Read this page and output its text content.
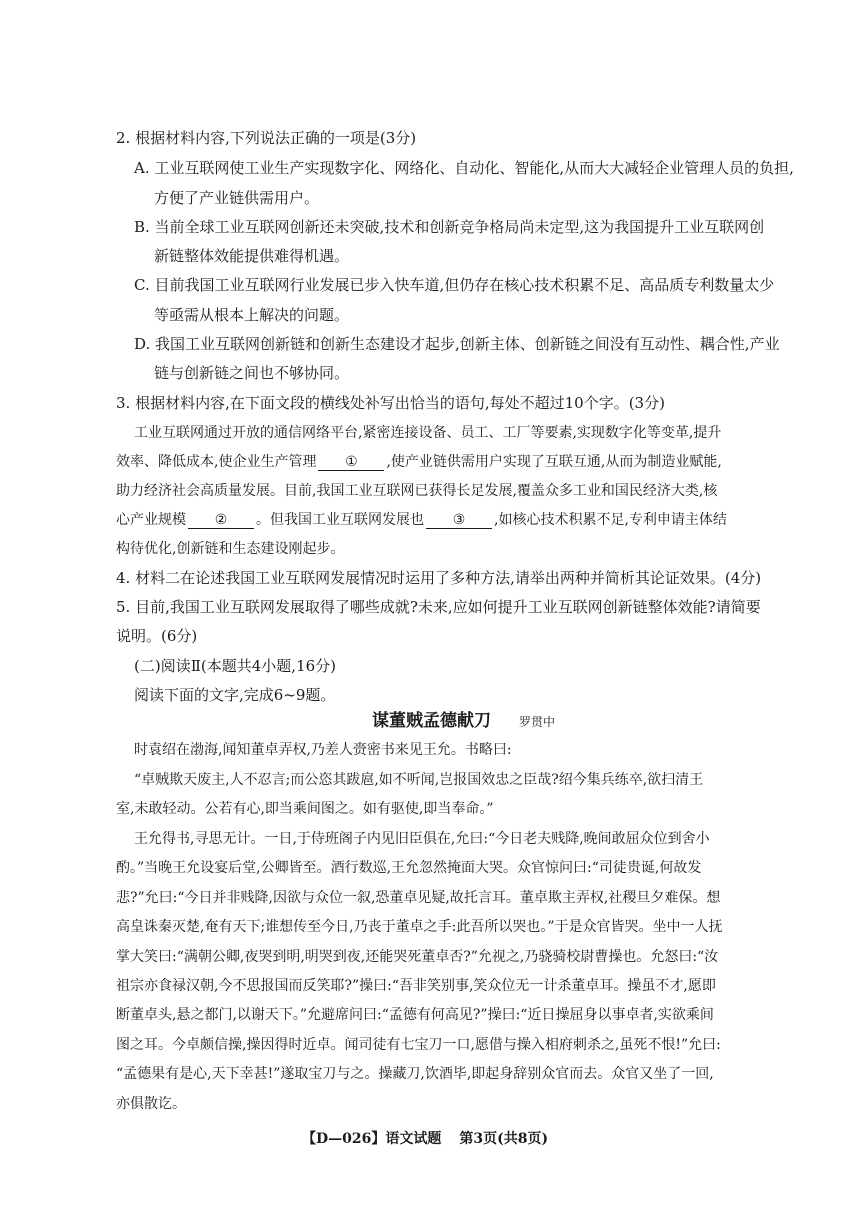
2. 根据材料内容,下列说法正确的一项是(3分)
A. 工业互联网使工业生产实现数字化、网络化、自动化、智能化,从而大大减轻企业管理人员的负担,
方便了产业链供需用户。
B. 当前全球工业互联网创新还未突破,技术和创新竞争格局尚未定型,这为我国提升工业互联网创
新链整体效能提供难得机遇。
C. 目前我国工业互联网行业发展已步入快车道,但仍存在核心技术积累不足、高品质专利数量太少
等亟需从根本上解决的问题。
D. 我国工业互联网创新链和创新生态建设才起步,创新主体、创新链之间没有互动性、耦合性,产业
链与创新链之间也不够协同。
3. 根据材料内容,在下面文段的横线处补写出恰当的语句,每处不超过10个字。(3分)
工业互联网通过开放的通信网络平台,紧密连接设备、员工、工厂等要素,实现数字化等变革,提升
效率、降低成本,使企业生产管理 ① ,使产业链供需用户实现了互联互通,从而为制造业赋能,
助力经济社会高质量发展。目前,我国工业互联网已获得长足发展,覆盖众多工业和国民经济大类,核
心产业规模 ② 。但我国工业互联网发展也 ③ ,如核心技术积累不足,专利申请主体结
构待优化,创新链和生态建设刚起步。
4. 材料二在论述我国工业互联网发展情况时运用了多种方法,请举出两种并简析其论证效果。(4分)
5. 目前,我国工业互联网发展取得了哪些成就?未来,应如何提升工业互联网创新链整体效能?请简要
说明。(6分)
(二)阅读Ⅱ(本题共4小题,16分)
阅读下面的文字,完成6~9题。
谋董贼孟德献刀 罗贯中
时袁绍在渤海,闻知董卓弄权,乃差人赍密书来见王允。书略曰:
“卓贼欺天废主,人不忍言;而公恣其跋扈,如不听闻,岂报国效忠之臣哉?绍今集兵练卒,欲扫清王
室,未敢轻动。公若有心,即当乘间图之。如有驱使,即当奉命。”
王允得书,寻思无计。一日,于侍班阁子内见旧臣俱在,允曰:“今日老夫贱降,晚间敢屈众位到舍小
酌。”当晚王允设宴后堂,公卿皆至。酒行数巡,王允忽然掩面大哭。众官惊问曰:“司徒贵诞,何故发
悲?”允曰:“今日并非贱降,因欲与众位一叙,恐董卓见疑,故托言耳。董卓欺主弄权,社稷旦夕难保。想
高皇诛秦灭楚,奄有天下;谁想传至今日,乃丧于董卓之手:此吾所以哭也。”于是众官皆哭。坐中一人抚
掌大笑曰:“满朝公卿,夜哭到明,明哭到夜,还能哭死董卓否?”允视之,乃骁骑校尉曹操也。允怒曰:“汝
祖宗亦食禄汉朝,今不思报国而反笑耶?”操曰:“吾非笑别事,笑众位无一计杀董卓耳。操虽不才,愿即
断董卓头,悬之都门,以谢天下。”允避席问曰:“孟德有何高见?”操曰:“近日操屈身以事卓者,实欲乘间
图之耳。今卓颇信操,操因得时近卓。闻司徒有七宝刀一口,愿借与操入相府刺杀之,虽死不恨!”允曰:
“孟德果有是心,天下幸甚!”遂取宝刀与之。操藏刀,饮酒毕,即起身辞别众官而去。众官又坐了一回,
亦俱散讫。
【D—026】语文试题 第3页(共8页)
